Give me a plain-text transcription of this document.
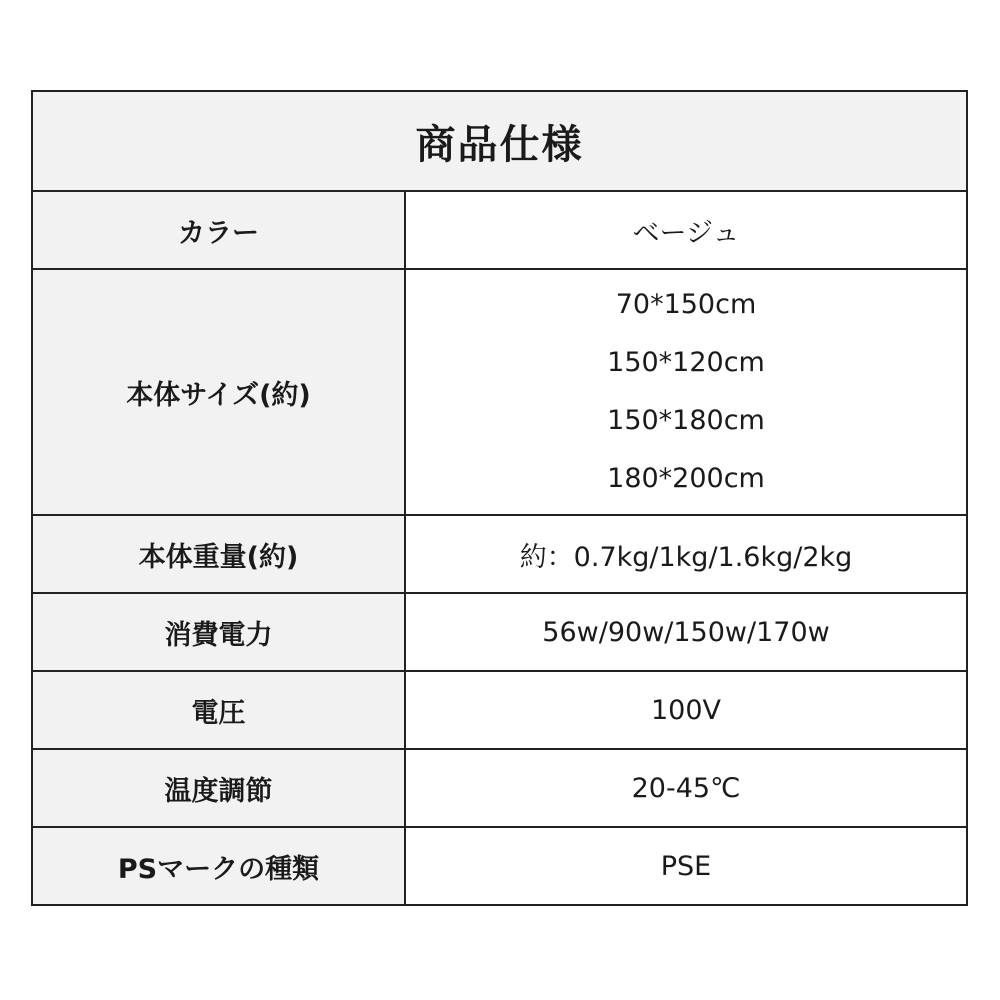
商品仕様	
カラー	ベージュ
本体サイズ(約)	70*150cm
150*120cm
150*180cm
180*200cm

本体重量(約)	約：0.7kg/1kg/1.6kg/2kg
消費電力	56w/90w/150w/170w
電圧	100V
温度調節	20-45℃
PSマークの種類	PSE
